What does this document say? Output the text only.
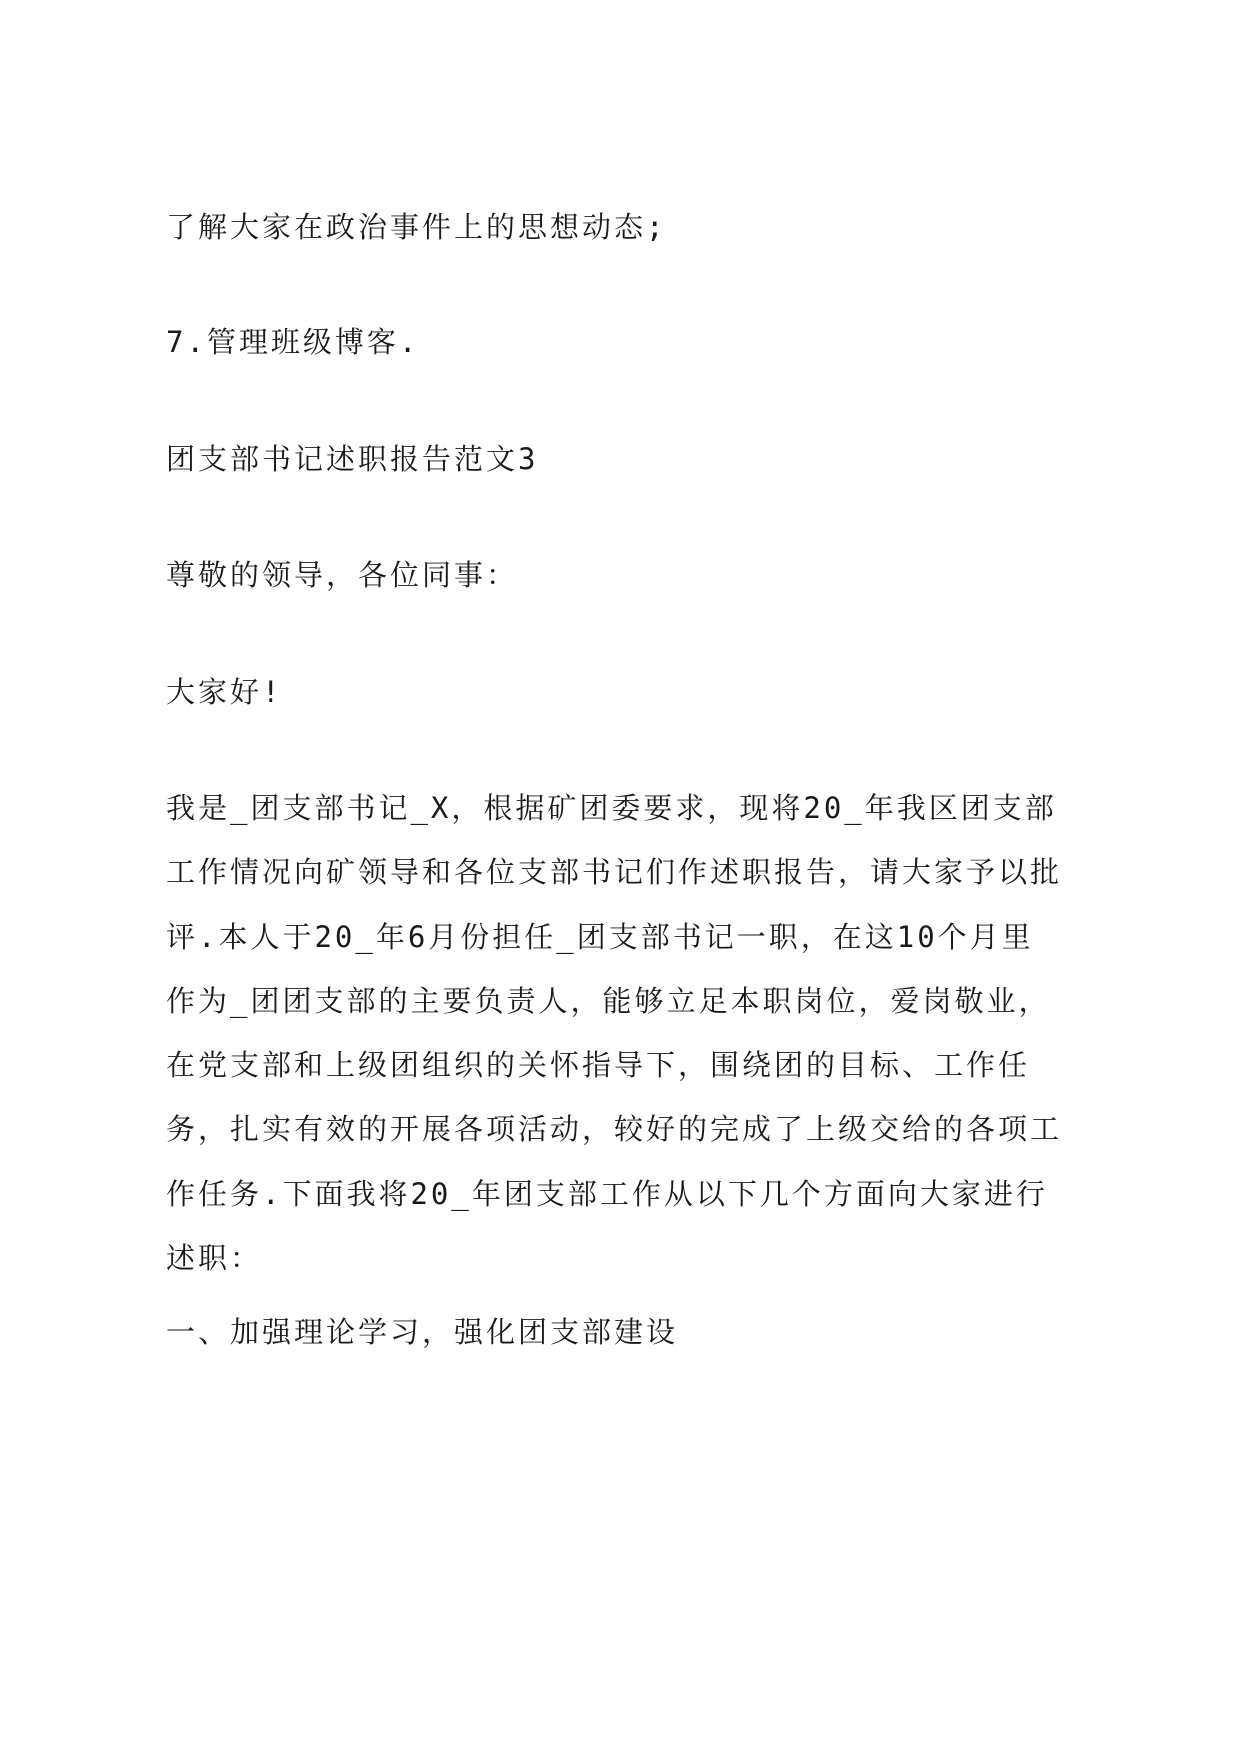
了解大家在政治事件上的思想动态;

7.管理班级博客.

团支部书记述职报告范文3

尊敬的领导，各位同事：

大家好!

我是_团支部书记_X，根据矿团委要求，现将20_年我区团支部
工作情况向矿领导和各位支部书记们作述职报告，请大家予以批
评.本人于20_年6月份担任_团支部书记一职，在这10个月里
作为_团团支部的主要负责人，能够立足本职岗位，爱岗敬业，
在党支部和上级团组织的关怀指导下，围绕团的目标、工作任
务，扎实有效的开展各项活动，较好的完成了上级交给的各项工
作任务.下面我将20_年团支部工作从以下几个方面向大家进行
述职：

一、加强理论学习，强化团支部建设
